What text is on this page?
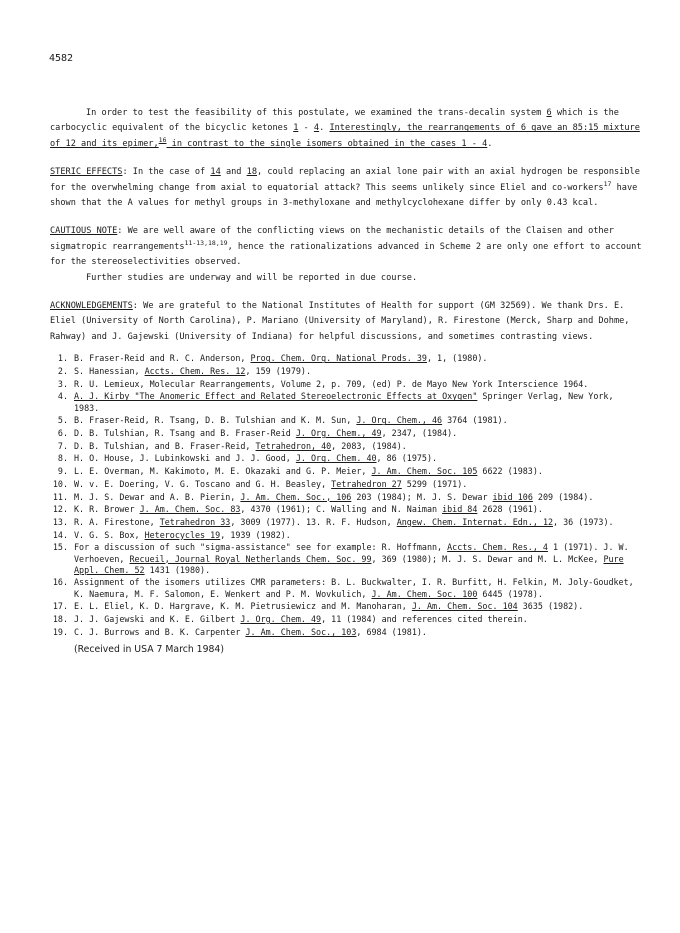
4582

In order to test the feasibility of this postulate, we examined the trans-decalin system 6 which is the carbocyclic equivalent of the bicyclic ketones 1 - 4. Interestingly, the rearrangements of 6 gave an 85:15 mixture of 12 and its epimer,$^{16}$ in contrast to the single isomers obtained in the cases 1 - 4.

STERIC EFFECTS: In the case of 14 and 18, could replacing an axial lone pair with an axial hydrogen be responsible for the overwhelming change from axial to equatorial attack? This seems unlikely since Eliel and co-workers$^{17}$ have shown that the A values for methyl groups in 3-methyloxane and methylcyclohexane differ by only 0.43 kcal.

CAUTIOUS NOTE: We are well aware of the conflicting views on the mechanistic details of the Claisen and other sigmatropic rearrangements$^{11-13,18,19}$, hence the rationalizations advanced in Scheme 2 are only one effort to account for the stereoselectivities observed.

Further studies are underway and will be reported in due course.

ACKNOWLEDGEMENTS: We are grateful to the National Institutes of Health for support (GM 32569). We thank Drs. E. Eliel (University of North Carolina), P. Mariano (University of Maryland), R. Firestone (Merck, Sharp and Dohme, Rahway) and J. Gajewski (University of Indiana) for helpful discussions, and sometimes contrasting views.

1. B. Fraser-Reid and R. C. Anderson, Prog. Chem. Org. National Prods. 39, 1, (1980).
2. S. Hanessian, Accts. Chem. Res. 12, 159 (1979).
3. R. U. Lemieux, Molecular Rearrangements, Volume 2, p. 709, (ed) P. de Mayo New York Interscience 1964.
4. A. J. Kirby "The Anomeric Effect and Related Stereoelectronic Effects at Oxygen" Springer Verlag, New York, 1983.
5. B. Fraser-Reid, R. Tsang, D. B. Tulshian and K. M. Sun, J. Org. Chem., 46 3764 (1981).
6. D. B. Tulshian, R. Tsang and B. Fraser-Reid J. Org. Chem., 49, 2347, (1984).
7. D. B. Tulshian, and B. Fraser-Reid, Tetrahedron, 40, 2083, (1984).
8. H. O. House, J. Lubinkowski and J. J. Good, J. Org. Chem. 40, 86 (1975).
9. L. E. Overman, M. Kakimoto, M. E. Okazaki and G. P. Meier, J. Am. Chem. Soc. 105 6622 (1983).
10. W. v. E. Doering, V. G. Toscano and G. H. Beasley, Tetrahedron 27 5299 (1971).
11. M. J. S. Dewar and A. B. Pierin, J. Am. Chem. Soc., 106 203 (1984); M. J. S. Dewar ibid 106 209 (1984).
12. K. R. Brower J. Am. Chem. Soc. 83, 4370 (1961); C. Walling and N. Naiman ibid 84 2628 (1961).
13. R. A. Firestone, Tetrahedron 33, 3009 (1977). 13. R. F. Hudson, Angew. Chem. Internat. Edn., 12, 36 (1973).
14. V. G. S. Box, Heterocycles 19, 1939 (1982).
15. For a discussion of such "sigma-assistance" see for example: R. Hoffmann, Accts. Chem. Res., 4 1 (1971). J. W. Verhoeven, Recueil, Journal Royal Netherlands Chem. Soc. 99, 369 (1980); M. J. S. Dewar and M. L. McKee, Pure Appl. Chem. 52 1431 (1980).
16. Assignment of the isomers utilizes CMR parameters: B. L. Buckwalter, I. R. Burfitt, H. Felkin, M. Joly-Goudket, K. Naemura, M. F. Salomon, E. Wenkert and P. M. Wovkulich, J. Am. Chem. Soc. 100 6445 (1978).
17. E. L. Eliel, K. D. Hargrave, K. M. Pietrusiewicz and M. Manoharan, J. Am. Chem. Soc. 104 3635 (1982).
18. J. J. Gajewski and K. E. Gilbert J. Org. Chem. 49, 11 (1984) and references cited therein.
19. C. J. Burrows and B. K. Carpenter J. Am. Chem. Soc., 103, 6984 (1981).
(Received in USA 7 March 1984)
